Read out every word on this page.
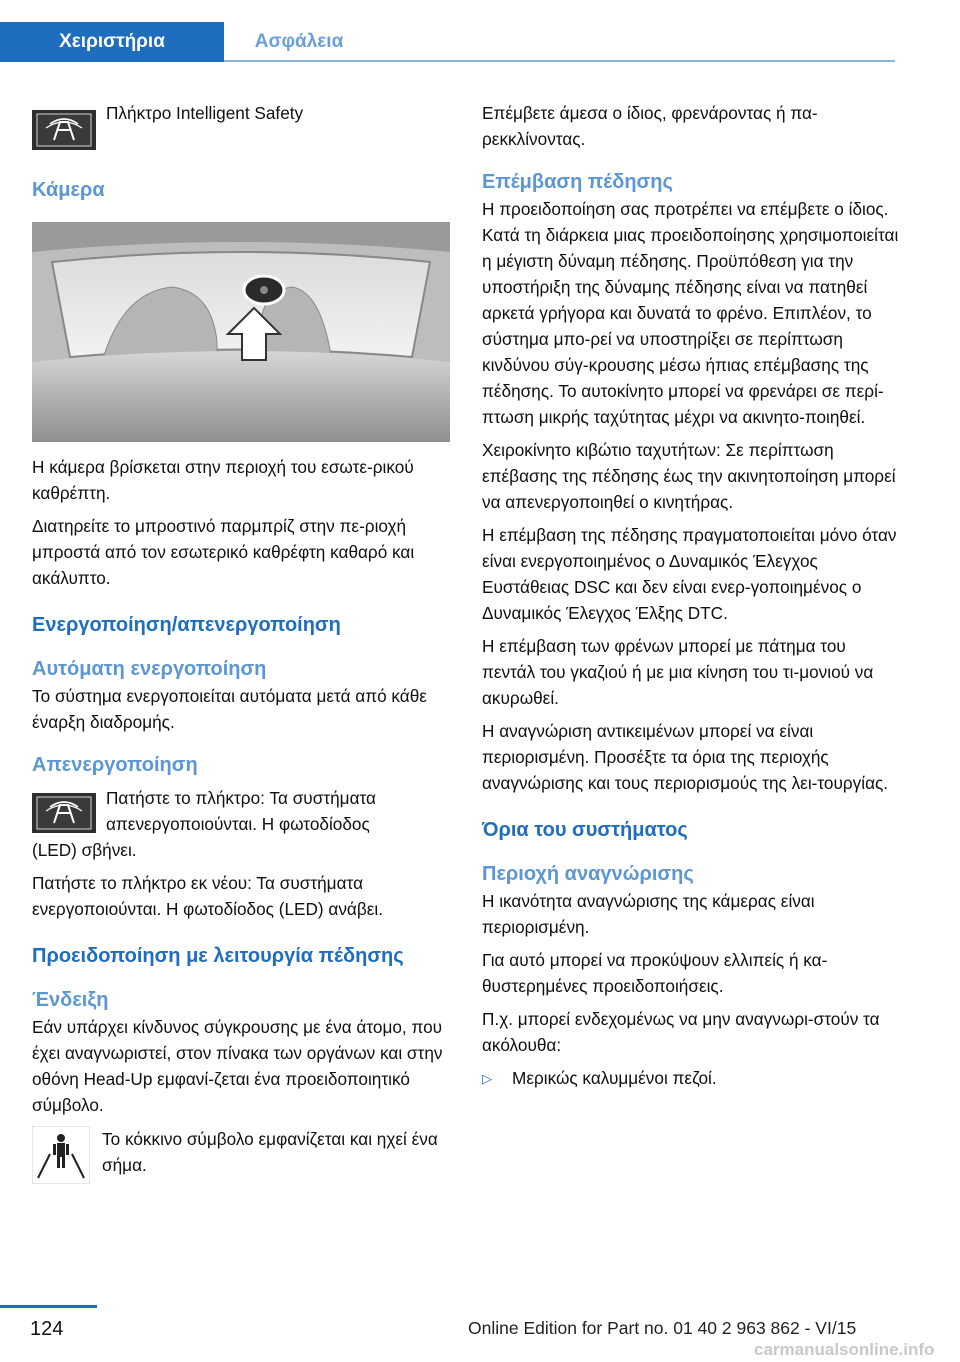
Χειριστήρια	Ασφάλεια
Πλήκτρο Intelligent Safety
Κάμερα

Η κάμερα βρίσκεται στην περιοχή του εσωτε-ρικού καθρέπτη.

Διατηρείτε το μπροστινό παρμπρίζ στην πε-ριοχή μπροστά από τον εσωτερικό καθρέφτη καθαρό και ακάλυπτο.

Ενεργοποίηση/απενεργοποίηση
Αυτόματη ενεργοποίηση

Το σύστημα ενεργοποιείται αυτόματα μετά από κάθε έναρξη διαδρομής.

Απενεργοποίηση
Πατήστε το πλήκτρο: Τα συστήματα
απενεργοποιούνται. Η φωτοδίοδος

(LED) σβήνει.

Πατήστε το πλήκτρο εκ νέου: Τα συστήματα ενεργοποιούνται. Η φωτοδίοδος (LED) ανάβει.

Προειδοποίηση με λειτουργία πέδησης
Ένδειξη

Εάν υπάρχει κίνδυνος σύγκρουσης με ένα άτομο, που έχει αναγνωριστεί, στον πίνακα των οργάνων και στην οθόνη Head-Up εμφανί-ζεται ένα προειδοποιητικό σύμβολο.

Το κόκκινο σύμβολο εμφανίζεται και ηχεί ένα σήμα.

Επέμβετε άμεσα ο ίδιος, φρενάροντας ή πα-ρεκκλίνοντας.

Επέμβαση πέδησης

Η προειδοποίηση σας προτρέπει να επέμβετε ο ίδιος. Κατά τη διάρκεια μιας προειδοποίησης χρησιμοποιείται η μέγιστη δύναμη πέδησης. Προϋπόθεση για την υποστήριξη της δύναμης πέδησης είναι να πατηθεί αρκετά γρήγορα και δυνατά το φρένο. Επιπλέον, το σύστημα μπο-ρεί να υποστηρίξει σε περίπτωση κινδύνου σύγ-κρουσης μέσω ήπιας επέμβασης της πέδησης. Το αυτοκίνητο μπορεί να φρενάρει σε περί-πτωση μικρής ταχύτητας μέχρι να ακινητο-ποιηθεί.

Χειροκίνητο κιβώτιο ταχυτήτων: Σε περίπτωση επέβασης της πέδησης έως την ακινητοποίηση μπορεί να απενεργοποιηθεί ο κινητήρας.

Η επέμβαση της πέδησης πραγματοποιείται μόνο όταν είναι ενεργοποιημένος ο Δυναμικός Έλεγχος Ευστάθειας DSC και δεν είναι ενερ-γοποιημένος ο Δυναμικός Έλεγχος Έλξης DTC.

Η επέμβαση των φρένων μπορεί με πάτημα του πεντάλ του γκαζιού ή με μια κίνηση του τι-μονιού να ακυρωθεί.

Η αναγνώριση αντικειμένων μπορεί να είναι περιορισμένη. Προσέξτε τα όρια της περιοχής αναγνώρισης και τους περιορισμούς της λει-τουργίας.

Όρια του συστήματος
Περιοχή αναγνώρισης

Η ικανότητα αναγνώρισης της κάμερας είναι περιορισμένη.

Για αυτό μπορεί να προκύψουν ελλιπείς ή κα-θυστερημένες προειδοποιήσεις.

Π.χ. μπορεί ενδεχομένως να μην αναγνωρι-στούν τα ακόλουθα:

▷	Μερικώς καλυμμένοι πεζοί.
124	Online Edition for Part no. 01 40 2 963 862 - VI/15
carmanualsonline.info
